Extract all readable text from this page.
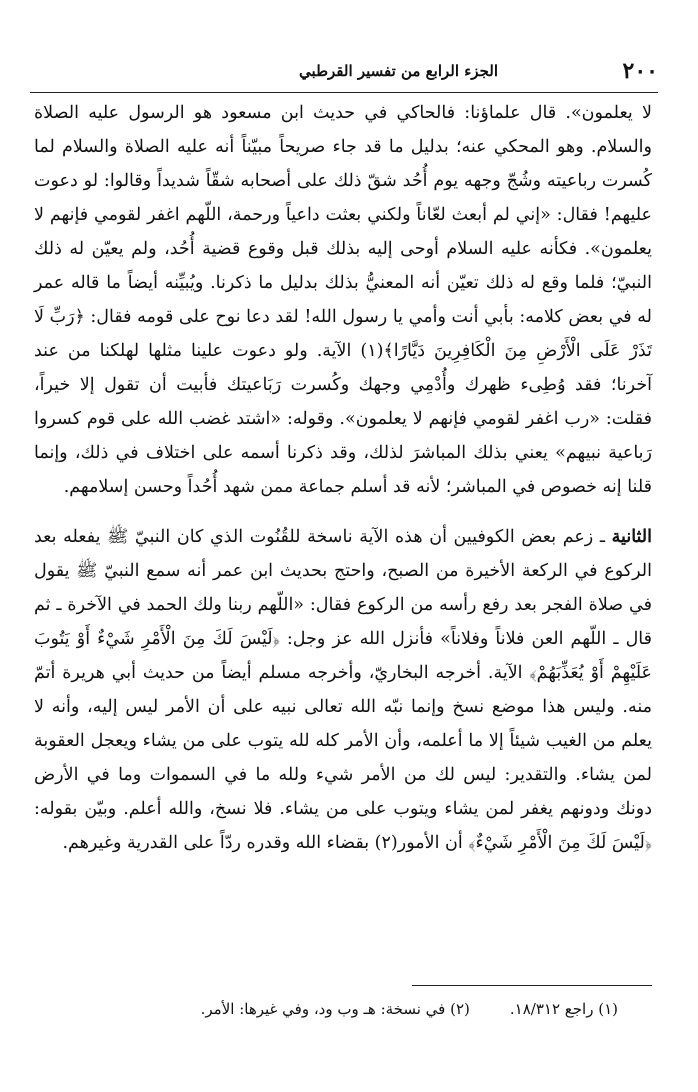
٢٠٠
الجزء الرابع من تفسير القرطبي

لا يعلمون». قال علماؤنا: فالحاكي في حديث ابن مسعود هو الرسول عليه الصلاة والسلام. وهو المحكي عنه؛ بدليل ما قد جاء صريحاً مبيّناً أنه عليه الصلاة والسلام لما كُسرت رباعيته وشُجّ وجهه يوم أُحُد شقّ ذلك على أصحابه شقّاً شديداً وقالوا: لو دعوت عليهم! فقال: «إني لم أبعث لعّاناً ولكني بعثت داعياً ورحمة، اللّهم اغفر لقومي فإنهم لا يعلمون». فكأنه عليه السلام أوحى إليه بذلك قبل وقوع قضية أُحُد، ولم يعيّن له ذلك النبيّ؛ فلما وقع له ذلك تعيّن أنه المعنيُّ بذلك بدليل ما ذكرنا. ويُبيِّنه أيضاً ما قاله عمر له في بعض كلامه: بأبي أنت وأمي يا رسول الله! لقد دعا نوح على قومه فقال: ﴿رَبِّ لَا تَذَرْ عَلَى الْأَرْضِ مِنَ الْكَافِرِينَ دَيَّارًا﴾(١) الآية. ولو دعوت علينا مثلها لهلكنا من عند آخرنا؛ فقد وُطِىء ظهرك وأُدْمِي وجهك وكُسرت رَبَاعيتك فأبيت أن تقول إلا خيراً، فقلت: «رب اغفر لقومي فإنهم لا يعلمون». وقوله: «اشتد غضب الله على قوم كسروا رَباعية نبيهم» يعني بذلك المباشرَ لذلك، وقد ذكرنا أسمه على اختلاف في ذلك، وإنما قلنا إنه خصوص في المباشر؛ لأنه قد أسلم جماعة ممن شهد أُحُداً وحسن إسلامهم.

الثانية ـ زعم بعض الكوفيين أن هذه الآية ناسخة للقُنُوت الذي كان النبيّ ﷺ يفعله بعد الركوع في الركعة الأخيرة من الصبح، واحتج بحديث ابن عمر أنه سمع النبيّ ﷺ يقول في صلاة الفجر بعد رفع رأسه من الركوع فقال: «اللّهم ربنا ولك الحمد في الآخرة ـ ثم قال ـ اللّهم العن فلاناً وفلاناً» فأنزل الله عز وجل: ﴿لَيْسَ لَكَ مِنَ الْأَمْرِ شَيْءٌ أَوْ يَتُوبَ عَلَيْهِمْ أَوْ يُعَذِّبَهُمْ﴾ الآية. أخرجه البخاريّ، وأخرجه مسلم أيضاً من حديث أبي هريرة أتمّ منه. وليس هذا موضع نسخ وإنما نبّه الله تعالى نبيه على أن الأمر ليس إليه، وأنه لا يعلم من الغيب شيئاً إلا ما أعلمه، وأن الأمر كله لله يتوب على من يشاء ويعجل العقوبة لمن يشاء. والتقدير: ليس لك من الأمر شيء ولله ما في السموات وما في الأرض دونك ودونهم يغفر لمن يشاء ويتوب على من يشاء. فلا نسخ، والله أعلم. وبيّن بقوله: ﴿لَيْسَ لَكَ مِنَ الْأَمْرِ شَيْءٌ﴾ أن الأمور(٢) بقضاء الله وقدره ردّاً على القدرية وغيرهم.

(١) راجع ١٨/٣١٢.
(٢) في نسخة: هـ وب ود، وفي غيرها: الأمر.
